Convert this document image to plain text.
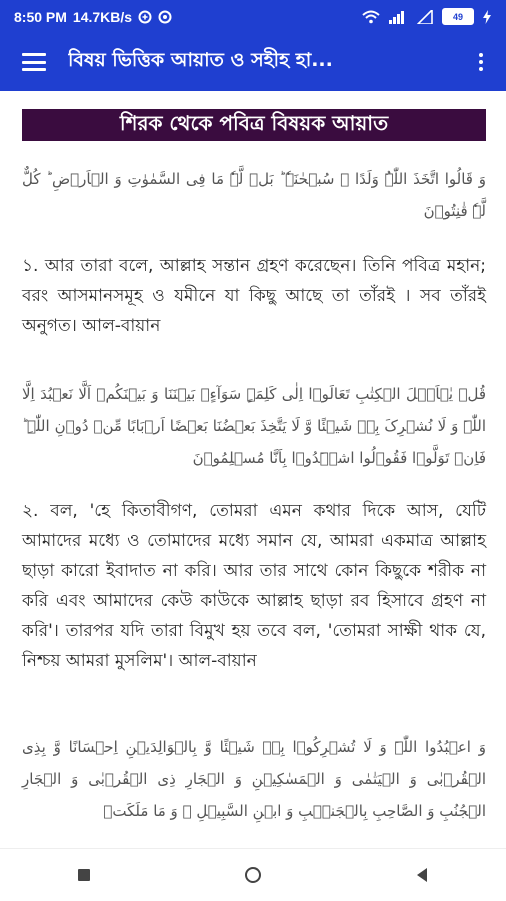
8:50 PM 14.7KB/s	49
বিষয় ভিত্তিক আয়াত ও সহীহ হা...
শিরক থেকে পবিত্র বিষয়ক আয়াত
وَ قَالُوا اتَّخَذَ اللّٰہُ وَلَدًا ۙ سُبۡحٰنَہٗ ؕ بَلۡ لَّہٗ مَا فِی السَّمٰوٰتِ وَ الۡاَرۡضِ ؕ کُلٌّ لَّہٗ قٰنِتُوۡنَ
১. আর তারা বলে, আল্লাহ সন্তান গ্রহণ করেছেন। তিনি পবিত্র মহান; বরং আসমানসমূহ ও যমীনে যা কিছু আছে তা তাঁরই । সব তাঁরই অনুগত। আল-বায়ান
قُلۡ یٰۤاَہۡلَ الۡکِتٰبِ تَعَالَوۡا اِلٰی کَلِمَۃٍ سَوَآءٍۢ بَیۡنَنَا وَ بَیۡنَکُمۡ اَلَّا نَعۡبُدَ اِلَّا اللّٰہَ وَ لَا نُشۡرِکَ بِہٖ شَیۡئًا وَّ لَا یَتَّخِذَ بَعۡضُنَا بَعۡضًا اَرۡبَابًا مِّنۡ دُوۡنِ اللّٰہِ ؕ فَاِنۡ تَوَلَّوۡا فَقُوۡلُوا اشۡہَدُوۡا بِاَنَّا مُسۡلِمُوۡنَ
২. বল, 'হে কিতাবীগণ, তোমরা এমন কথার দিকে আস, যেটি আমাদের মধ্যে ও তোমাদের মধ্যে সমান যে, আমরা একমাত্র আল্লাহ ছাড়া কারো ইবাদাত না করি। আর তার সাথে কোন কিছুকে শরীক না করি এবং আমাদের কেউ কাউকে আল্লাহ ছাড়া রব হিসাবে গ্রহণ না করি'। তারপর যদি তারা বিমুখ হয় তবে বল, 'তোমরা সাক্ষী থাক যে, নিশ্চয় আমরা মুসলিম'। আল-বায়ান
وَ اعۡبُدُوا اللّٰہَ وَ لَا تُشۡرِکُوۡا بِہٖ شَیۡئًا وَّ بِالۡوَالِدَیۡنِ اِحۡسَانًا وَّ بِذِی الۡقُرۡبٰی وَ الۡیَتٰمٰی وَ الۡمَسٰکِیۡنِ وَ الۡجَارِ ذِی الۡقُرۡبٰی وَ الۡجَارِ الۡجُنُبِ وَ الصَّاحِبِ بِالۡجَنۡۢبِ وَ ابۡنِ السَّبِیۡلِ ۙ وَ مَا مَلَکَتۡ
